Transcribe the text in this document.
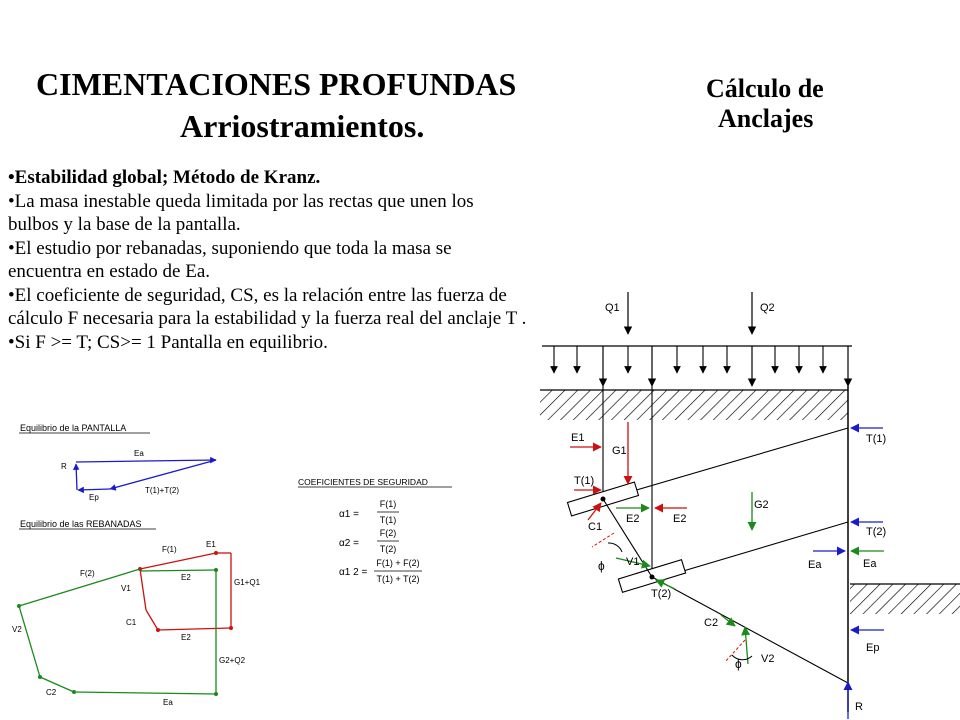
CIMENTACIONES PROFUNDAS
Arriostramientos.
Cálculo de
Anclajes
• Estabilidad global; Método de Kranz.
• La masa inestable queda limitada por las rectas que unen los bulbos y la base de la pantalla.
• El estudio por rebanadas, suponiendo que toda la masa se encuentra en estado de Ea.
• El coeficiente de seguridad, CS, es la relación entre las fuerza de cálculo F necesaria para la estabilidad y la fuerza real del anclaje T .
• Si F >= T; CS>= 1 Pantalla en equilibrio.
Equilibrio de la PANTALLA
Ea
R
Ep
T(1)+T(2)
Equilibrio de las REBANADAS
F(1)
E1
F(2)	E2
G1+Q1
V1
C1
E2
V2
G2+Q2
C2
Ea
COEFICIENTES DE SEGURIDAD
α1 =
F(1)
T(1)
α2 =
F(2)
T(2)
α1 2 =
F(1) + F(2)
T(1) + T(2)
Q1	Q2
E1
G1
T(1)
C1
E2
E2
G2
V1
T(2)
Ea
C2
V2
T(1)
T(2)
Ea
Ep
R
ϕ
ϕ
